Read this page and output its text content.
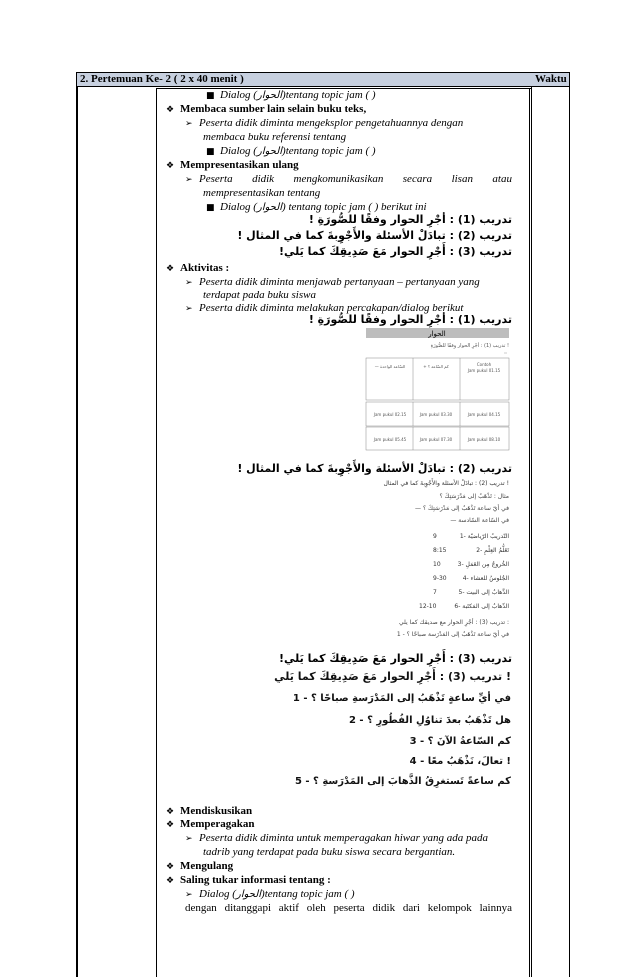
2. Pertemuan Ke- 2 ( 2 x 40 menit )	Waktu
■ Dialog (الحوار)tentang topic jam ( )
❖ Membaca sumber lain selain buku teks,
➢ Peserta didik diminta mengeksplor pengetahuannya dengan
membaca buku referensi tentang
■ Dialog (الحوار)tentang topic jam ( )
❖ Mempresentasikan ulang
➢ Peserta didik mengkomunikasikan secara lisan atau
mempresentasikan tentang
■ Dialog (الحوار) tentang topic jam ( ) berikut ini
تدريب (1) : أجْرِ الحوار وفقًا للصُّورَةِ !
تدريب (2) : تبادَلْ الأسئلة والأَجْوِبةَ كما في المثال !
تدريب (3) : أَجْرِ الحوار مَعَ صَدِيقِكَ كما يَلي!
❖ Aktivitas :
➢ Peserta didik diminta menjawab pertanyaan – pertanyaan yang
terdapat pada buku siswa
➢ Peserta didik diminta melakukan percakapan/dialog berikut
تدريب (1) : أجْرِ الحوار وفقًا للصُّورَةِ !
الحوار
تدريب (1) : أجْرِ الحوار وفقًا للصُّورَةِ !
— السّاعة الواحدة	+ كم السّاعة ؟	Contoh
Jam pukul 01.15
Jam pukul 02.15	Jam pukul 03.30	Jam pukul 04.15
Jam pukul 05.45	Jam pukul 07.30	Jam pukul 08.10
تدريب (2) : تبادَلْ الأسئلة والأَجْوِبةَ كما في المثال !
تدريب (2) : تبادَلْ الأسئلة والأَجْوِبةَ كما في المثال !
مثال : تَذْهَبُ إلى مَدْرَسَتِكَ ؟
— في أيّ ساعة تَذْهَبُ إلى مَدْرَسَتِكَ ؟
— في السّاعة السّادسة
1- التّدريبُ الرّياضيّة
9
2- تَعَلُّمُ العِلْمِ
8:15
3- الخُروجُ مِن العَمَلِ
10
4- الجُلوسُ للعشاء
9-30
5- الذَّهابُ إلى البيت
7
6- الذّهابُ إلى المَكتَبة
12-10
تدريب (3) : أجْرِ الحوار مع صديقك كما يلي :
1 - في أيّ ساعة تَذْهَبُ إلى المَدْرَسة صباحًا ؟
تدريب (3) : أَجْرِ الحوار مَعَ صَدِيقِكَ كما يَلي!
تدريب (3) : أَجْرِ الحوار مَعَ صَدِيقِكَ كما يَلي !
1 - في أيِّ ساعةٍ تَذْهَبُ إلى المَدْرَسةِ صباحًا ؟
2 - هل تَذْهَبُ بعدَ تناوُلِ الفُطُورِ ؟
3 - كم السّاعةُ الآنَ ؟
4 - تعالَ، نَذْهَبُ معًا !
5 - كم ساعةً تَستغرِقُ الذَّهابَ إلى المَدْرَسةِ ؟
❖ Mendiskusikan
❖ Memperagakan
➢ Peserta didik diminta untuk memperagakan hiwar yang ada pada
tadrib yang terdapat pada buku siswa secara bergantian.
❖ Mengulang
❖ Saling tukar informasi tentang :
➢ Dialog (الحوار)tentang topic jam ( )
dengan ditanggapi aktif oleh peserta didik dari kelompok lainnya
